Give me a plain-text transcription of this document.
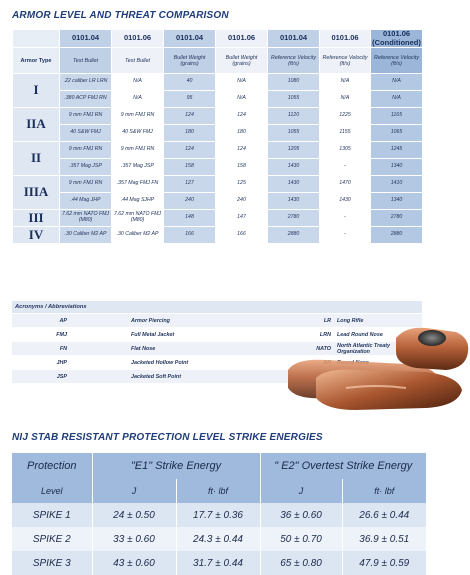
ARMOR LEVEL AND THREAT COMPARISON
	0101.04	0101.06	0101.04	0101.06	0101.04	0101.06	0101.06 (Conditioned)
Armor Type	Test Bullet	Test Bullet	Bullet Weight (grains)	Bullet Weight (grains)	Reference Velocity (ft/s)	Reference Velocity (ft/s)	Reference Velocity (ft/s)
I	.22 caliber LR LRN	N/A	40	N/A	1080	N/A	N/A
	.380 ACP FMJ RN	N/A	95	N/A	1055	N/A	N/A
IIA	9 mm FMJ RN	9 mm FMJ RN	124	124	1120	1225	1165
	40 S&W FMJ	40 S&W FMJ	180	180	1055	1155	1065
II	9 mm FMJ RN	9 mm FMJ RN	124	124	1205	1305	1245
	.357 Mag JSP	.357 Mag JSP	158	158	1430	-	1340
IIIA	9 mm FMJ RN	.357 Mag FMJ FN	127	125	1430	1470	1410
	.44 Mag JHP	.44 Mag SJHP	240	240	1430	1430	1340
III	7.62 mm NATO FMJ (M80)	7.62 mm NATO FMJ (M80)	148	147	2780	-	2780
IV	.30 Caliber M2 AP	.30 Caliber M2 AP	166	166	2880	-	2880
Acronyms / Abbreviations				
AP		Armor Piercing	LR	Long Rifle
FMJ		Full Metal Jacket	LRN	Lead Round Nose
FN		Flat Nose	NATO	North Atlantic Treaty Organization
JHP		Jacketed Hollow Point		
JSP		Jacketed Soft Point		
NIJ STAB RESISTANT PROTECTION LEVEL STRIKE ENERGIES
Protection	"E1" Strike Energy		" E2" Overtest Strike Energy	
Level	J	ft· lbf	J	ft· lbf
SPIKE 1	24 ± 0.50	17.7 ± 0.36	36 ± 0.60	26.6 ± 0.44
SPIKE 2	33 ± 0.60	24.3 ± 0.44	50 ± 0.70	36.9 ± 0.51
SPIKE 3	43 ± 0.60	31.7 ± 0.44	65 ± 0.80	47.9 ± 0.59
